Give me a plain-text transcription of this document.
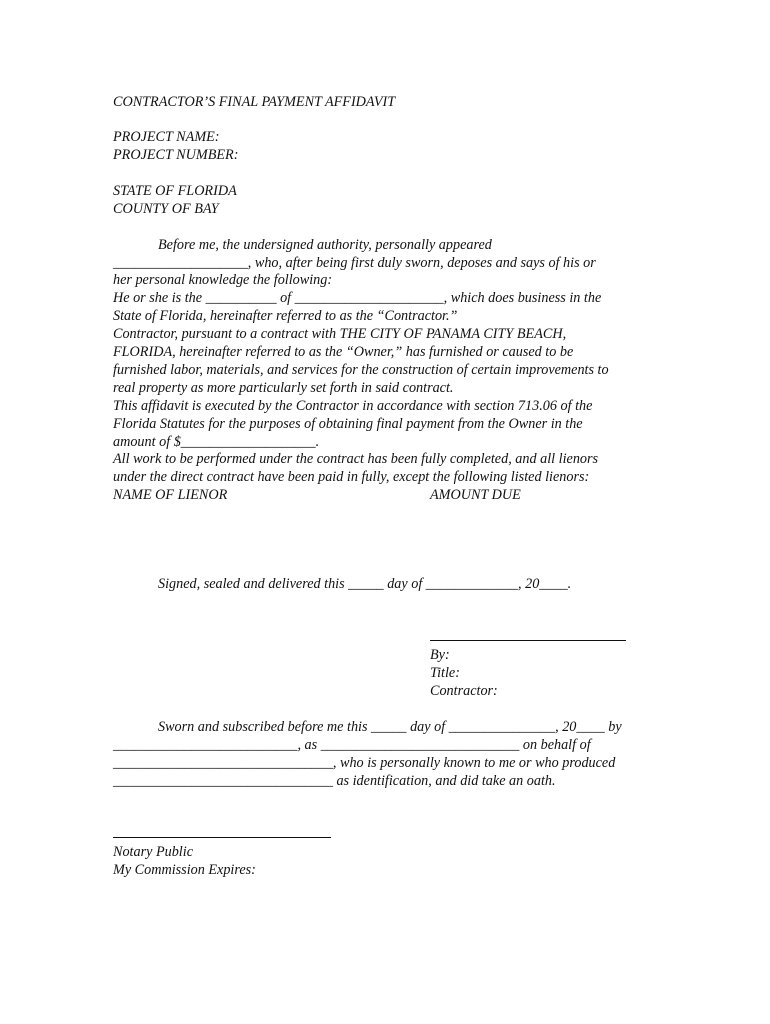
CONTRACTOR’S FINAL PAYMENT AFFIDAVIT
PROJECT NAME:
PROJECT NUMBER:
STATE OF FLORIDA
COUNTY OF BAY
Before me, the undersigned authority, personally appeared
___________________, who, after being first duly sworn, deposes and says of his or
her personal knowledge the following:
He or she is the __________ of _____________________, which does business in the
State of Florida, hereinafter referred to as the “Contractor.”
Contractor, pursuant to a contract with THE CITY OF PANAMA CITY BEACH,
FLORIDA, hereinafter referred to as the “Owner,” has furnished or caused to be
furnished labor, materials, and services for the construction of certain improvements to
real property as more particularly set forth in said contract.
This affidavit is executed by the Contractor in accordance with section 713.06 of the
Florida Statutes for the purposes of obtaining final payment from the Owner in the
amount of $___________________.
All work to be performed under the contract has been fully completed, and all lienors
under the direct contract have been paid in fully, except the following listed lienors:
NAME OF LIENOR	AMOUNT DUE
Signed, sealed and delivered this _____ day of _____________, 20____.
By:
Title:
Contractor:
Sworn and subscribed before me this _____ day of _______________, 20____ by
__________________________, as ____________________________ on behalf of
_______________________________, who is personally known to me or who produced
_______________________________ as identification, and did take an oath.
Notary Public
My Commission Expires:
